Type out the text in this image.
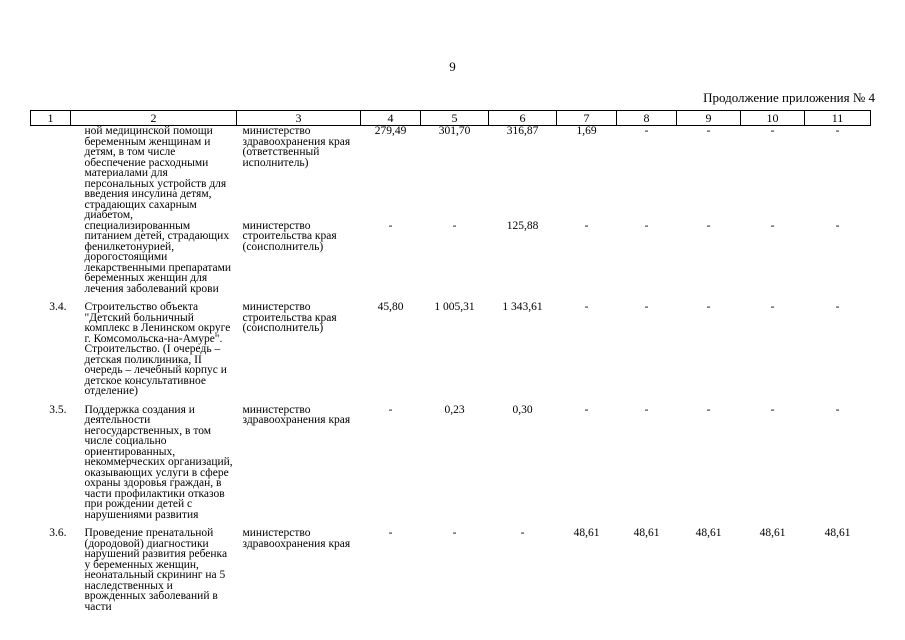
9
Продолжение приложения № 4
1	2	3	4	5	6	7	8	9	10	11
	ной медицинской помощи беременным женщинам и детям, в том числе обеспечение расходными материалами для персональных устройств для введения инсулина детям, страдающих сахарным диабетом, специализированным питанием детей, страдающих фенилкетонурией, дорогостоящими лекарственными препаратами беременных женщин для лечения заболеваний крови	министерство здравоохранения края (ответственный исполнитель)	279,49	301,70	316,87	1,69	-	-	-	-
		министерство строительства края (соисполнитель)	-	-	125,88	-	-	-	-	-
3.4.	Строительство объекта "Детский больничный комплекс в Ленинском округе г. Комсомольска-на-Амуре". Строительство. (I очередь – детская поликлиника, II очередь – лечебный корпус и детское консультативное отделение)	министерство строительства края (соисполнитель)	45,80	1 005,31	1 343,61	-	-	-	-	-
3.5.	Поддержка создания и деятельности негосударственных, в том числе социально ориентированных, некоммерческих организаций, оказывающих услуги в сфере охраны здоровья граждан, в части профилактики отказов при рождении детей с нарушениями развития	министерство здравоохранения края	-	0,23	0,30	-	-	-	-	-
3.6.	Проведение пренатальной (дородовой) диагностики нарушений развития ребенка у беременных женщин, неонатальный скрининг на 5 наследственных и врожденных заболеваний в части	министерство здравоохранения края	-	-	-	48,61	48,61	48,61	48,61	48,61
